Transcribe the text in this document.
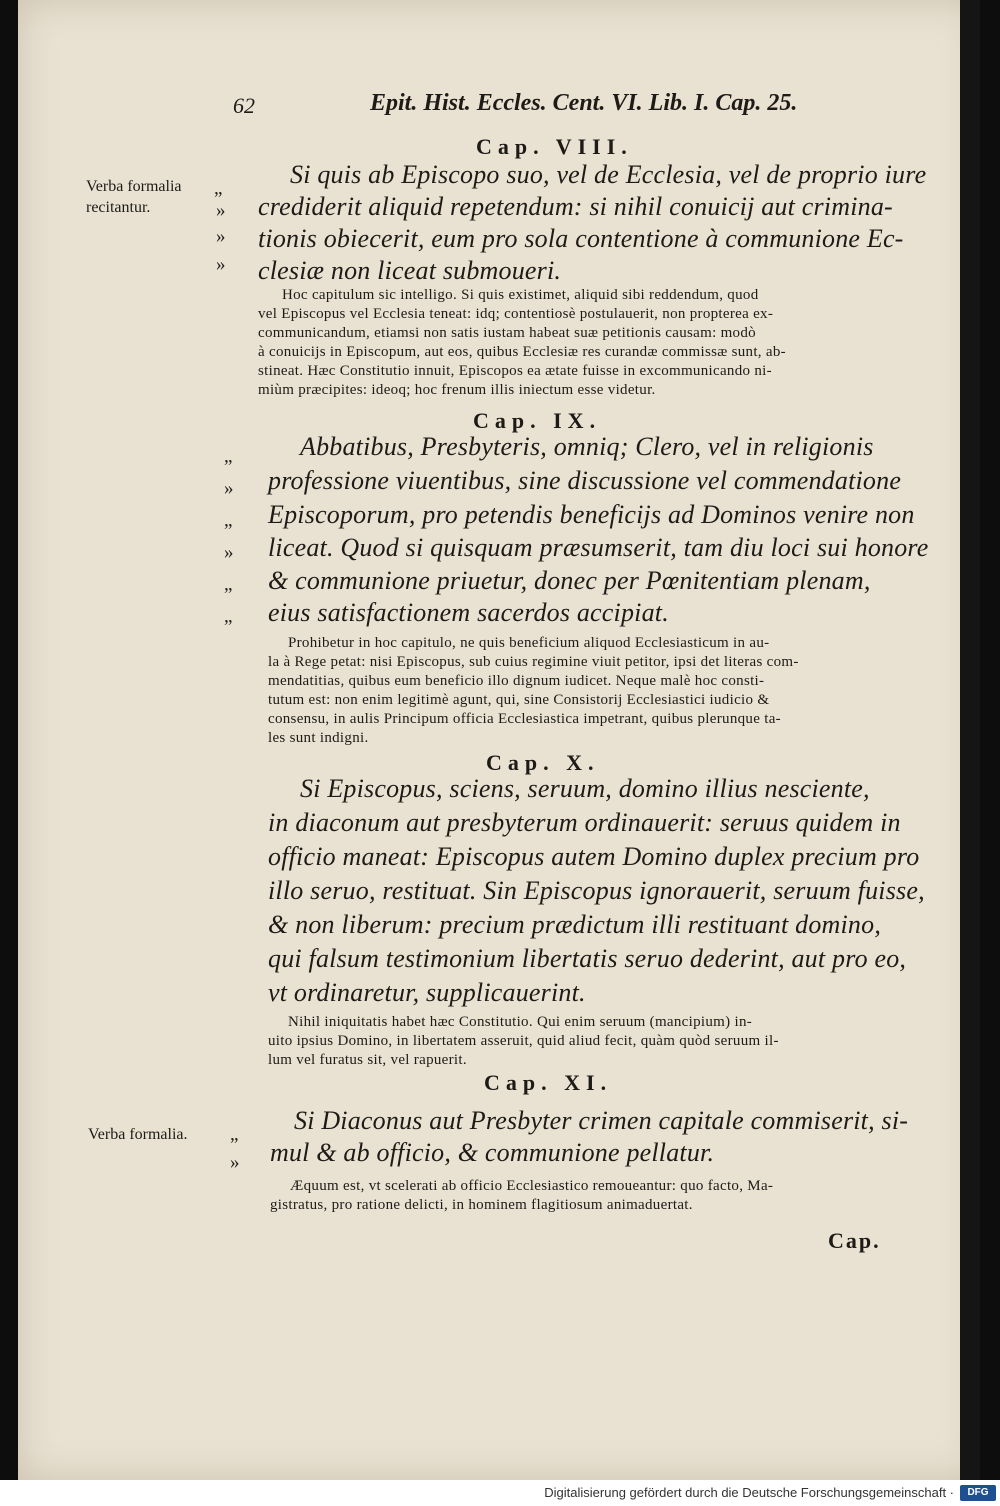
62	Epit. Hist. Eccles. Cent. VI. Lib. I. Cap. 25.
Cap. VIII.
Verba formalia
recitantur.
„
»
»
»
Si quis ab Episcopo suo, vel de Ecclesia, vel de proprio iure
crediderit aliquid repetendum: si nihil conuicij aut crimina-
tionis obiecerit, eum pro sola contentione à communione Ec-
clesiæ non liceat submoueri.
Hoc capitulum sic intelligo. Si quis existimet, aliquid sibi reddendum, quod
vel Episcopus vel Ecclesia teneat: idq; contentiosè postulauerit, non propterea ex-
communicandum, etiamsi non satis iustam habeat suæ petitionis causam: modò
à conuicijs in Episcopum, aut eos, quibus Ecclesiæ res curandæ commissæ sunt, ab-
stineat. Hæc Constitutio innuit, Episcopos ea ætate fuisse in excommunicando ni-
miùm præcipites: ideoq; hoc frenum illis iniectum esse videtur.
Cap. IX.
„
»
„
»
„
„
Abbatibus, Presbyteris, omniq; Clero, vel in religionis
professione viuentibus, sine discussione vel commendatione
Episcoporum, pro petendis beneficijs ad Dominos venire non
liceat. Quod si quisquam præsumserit, tam diu loci sui honore
& communione priuetur, donec per Pœnitentiam plenam,
eius satisfactionem sacerdos accipiat.
Prohibetur in hoc capitulo, ne quis beneficium aliquod Ecclesiasticum in au-
la à Rege petat: nisi Episcopus, sub cuius regimine viuit petitor, ipsi det literas com-
mendatitias, quibus eum beneficio illo dignum iudicet. Neque malè hoc consti-
tutum est: non enim legitimè agunt, qui, sine Consistorij Ecclesiastici iudicio &
consensu, in aulis Principum officia Ecclesiastica impetrant, quibus plerunque ta-
les sunt indigni.
Cap. X.
Si Episcopus, sciens, seruum, domino illius nesciente,
in diaconum aut presbyterum ordinauerit: seruus quidem in
officio maneat: Episcopus autem Domino duplex precium pro
illo seruo, restituat. Sin Episcopus ignorauerit, seruum fuisse,
& non liberum: precium prædictum illi restituant domino,
qui falsum testimonium libertatis seruo dederint, aut pro eo,
vt ordinaretur, supplicauerint.
Nihil iniquitatis habet hæc Constitutio. Qui enim seruum (mancipium) in-
uito ipsius Domino, in libertatem asseruit, quid aliud fecit, quàm quòd seruum il-
lum vel furatus sit, vel rapuerit.
Cap. XI.
Verba formalia. „
»
Si Diaconus aut Presbyter crimen capitale commiserit, si-
mul & ab officio, & communione pellatur.
Æquum est, vt scelerati ab officio Ecclesiastico remoueantur: quo facto, Ma-
gistratus, pro ratione delicti, in hominem flagitiosum animaduertat.
Cap.
Digitalisierung gefördert durch die Deutsche Forschungsgemeinschaft ·	DFG
